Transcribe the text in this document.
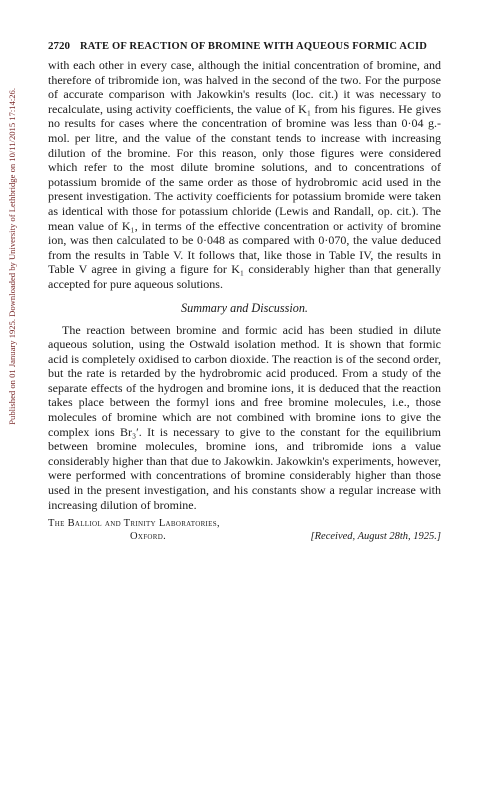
Published on 01 January 1925. Downloaded by University of Lethbridge on 10/11/2015 17:14:26.
2720 RATE OF REACTION OF BROMINE WITH AQUEOUS FORMIC ACID

with each other in every case, although the initial concentration of bromine, and therefore of tribromide ion, was halved in the second of the two. For the purpose of accurate comparison with Jakowkin's results (loc. cit.) it was necessary to recalculate, using activity coefficients, the value of K₁ from his figures. He gives no results for cases where the concentration of bromine was less than 0·04 g.-mol. per litre, and the value of the constant tends to increase with increasing dilution of the bromine. For this reason, only those figures were considered which refer to the most dilute bromine solutions, and to concentrations of potassium bromide of the same order as those of hydrobromic acid used in the present investigation. The activity coefficients for potassium bromide were taken as identical with those for potassium chloride (Lewis and Randall, op. cit.). The mean value of K₁, in terms of the effective concentration or activity of bromine ion, was then calculated to be 0·048 as compared with 0·070, the value deduced from the results in Table V. It follows that, like those in Table IV, the results in Table V agree in giving a figure for K₁ considerably higher than that generally accepted for pure aqueous solutions.

Summary and Discussion.

The reaction between bromine and formic acid has been studied in dilute aqueous solution, using the Ostwald isolation method. It is shown that formic acid is completely oxidised to carbon dioxide. The reaction is of the second order, but the rate is retarded by the hydrobromic acid produced. From a study of the separate effects of the hydrogen and bromine ions, it is deduced that the reaction takes place between the formyl ions and free bromine molecules, i.e., those molecules of bromine which are not combined with bromine ions to give the complex ions Br₃′. It is necessary to give to the constant for the equilibrium between bromine molecules, bromine ions, and tribromide ions a value considerably higher than that due to Jakowkin. Jakowkin's experiments, however, were performed with concentrations of bromine considerably higher than those used in the present investigation, and his constants show a regular increase with increasing dilution of bromine.

The Balliol and Trinity Laboratories,
Oxford.	[Received, August 28th, 1925.]
